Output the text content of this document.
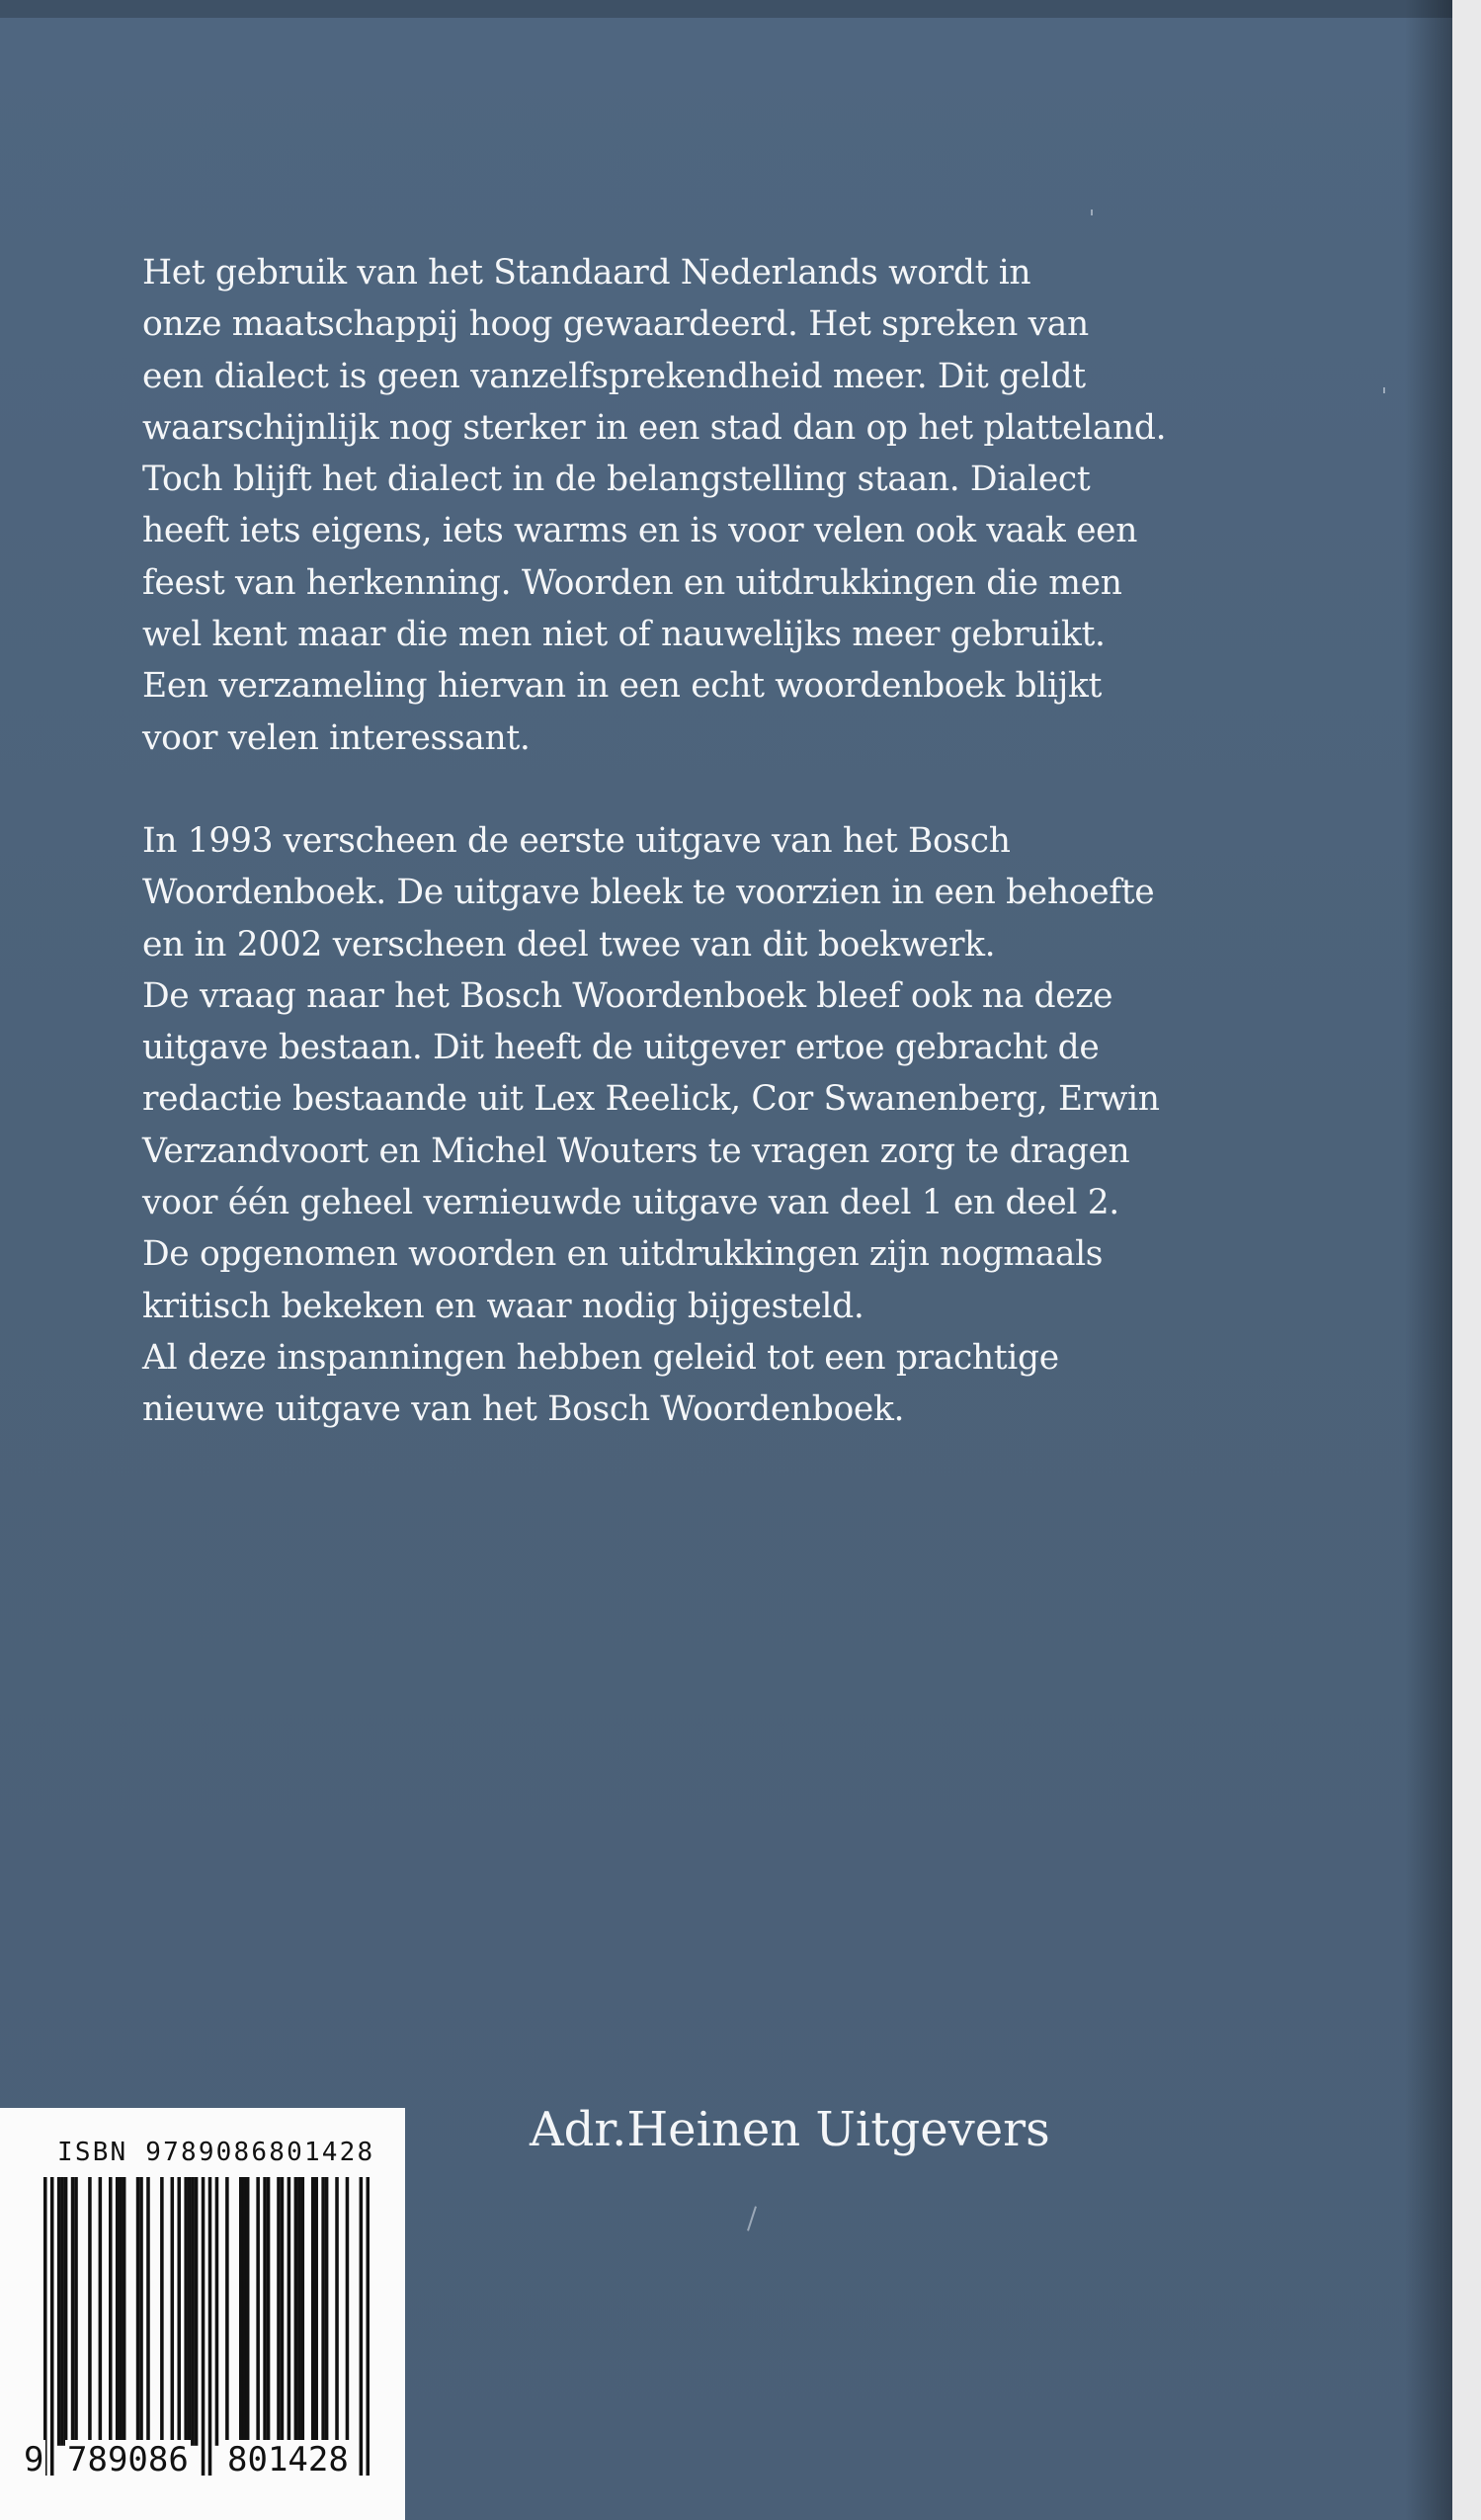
Het gebruik van het Standaard Nederlands wordt in
onze maatschappij hoog gewaardeerd. Het spreken van
een dialect is geen vanzelfsprekendheid meer. Dit geldt
waarschijnlijk nog sterker in een stad dan op het platteland.
Toch blijft het dialect in de belangstelling staan. Dialect
heeft iets eigens, iets warms en is voor velen ook vaak een
feest van herkenning. Woorden en uitdrukkingen die men
wel kent maar die men niet of nauwelijks meer gebruikt.
Een verzameling hiervan in een echt woordenboek blijkt
voor velen interessant.

In 1993 verscheen de eerste uitgave van het Bosch
Woordenboek. De uitgave bleek te voorzien in een behoefte
en in 2002 verscheen deel twee van dit boekwerk.
De vraag naar het Bosch Woordenboek bleef ook na deze
uitgave bestaan. Dit heeft de uitgever ertoe gebracht de
redactie bestaande uit Lex Reelick, Cor Swanenberg, Erwin
Verzandvoort en Michel Wouters te vragen zorg te dragen
voor één geheel vernieuwde uitgave van deel 1 en deel 2.
De opgenomen woorden en uitdrukkingen zijn nogmaals
kritisch bekeken en waar nodig bijgesteld.
Al deze inspanningen hebben geleid tot een prachtige
nieuwe uitgave van het Bosch Woordenboek.

Adr.Heinen Uitgevers
ISBN 9789086801428
9 789086 801428
